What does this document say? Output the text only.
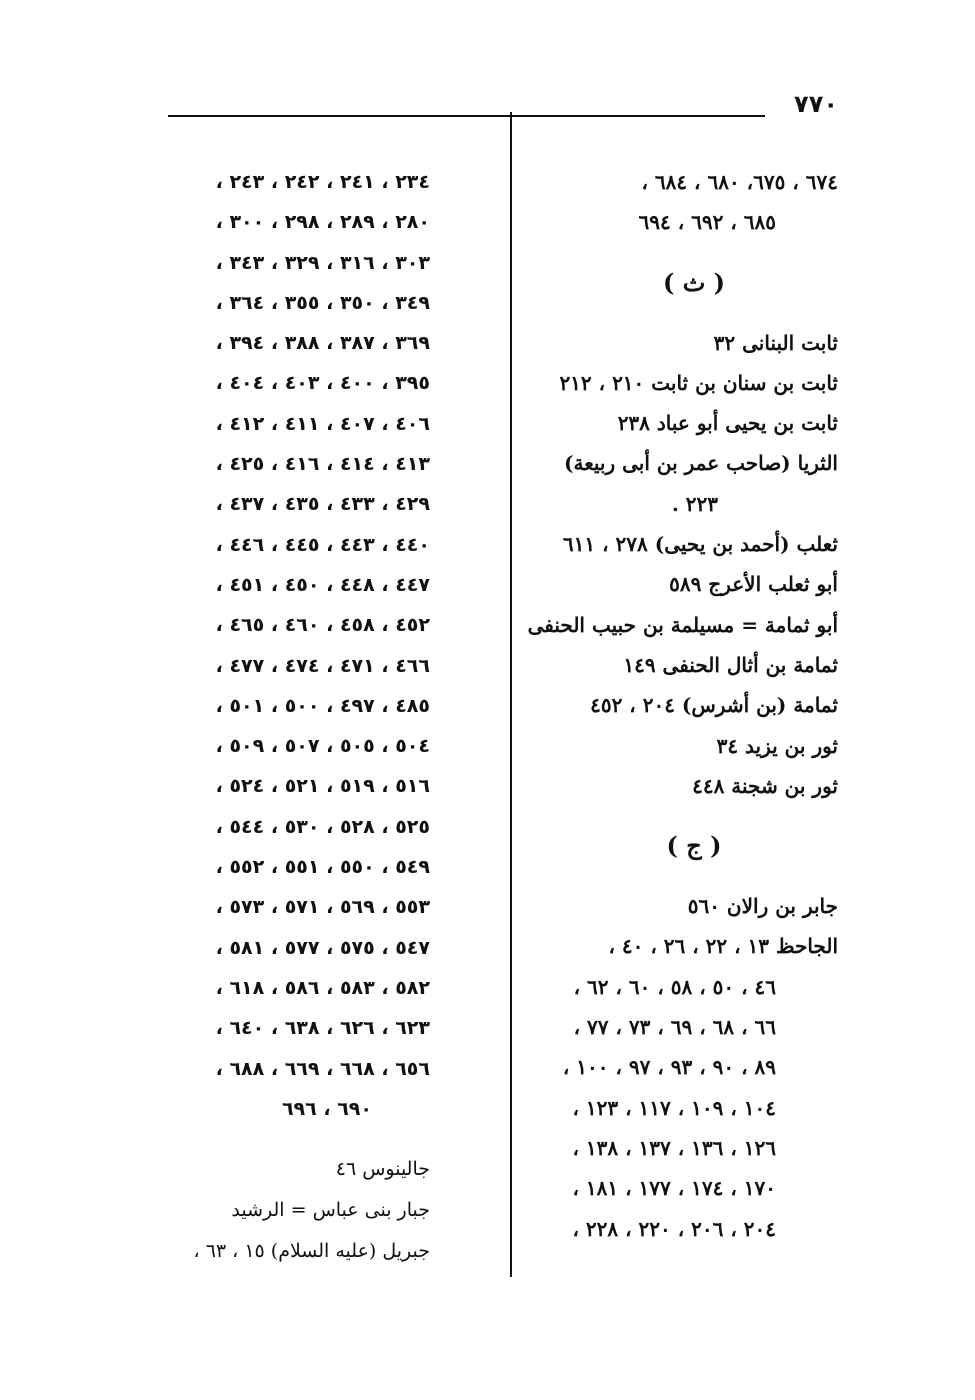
٧٧٠
٦٧٤ ، ٦٧٥، ٦٨٠ ، ٦٨٤ ،
٦٨٥ ، ٦٩٢ ، ٦٩٤
( ث )
ثابت البنانى ٣٢
ثابت بن سنان بن ثابت ٢١٠ ، ٢١٢
ثابت بن يحيى أبو عباد ٢٣٨
الثريا (صاحب عمر بن أبى ربيعة)
٢٢٣ .
ثعلب (أحمد بن يحيى) ٢٧٨ ، ٦١١
أبو ثعلب الأعرج ٥٨٩
أبو ثمامة = مسيلمة بن حبيب الحنفى
ثمامة بن أثال الحنفى ١٤٩
ثمامة (بن أشرس) ٢٠٤ ، ٤٥٢
ثور بن يزيد ٣٤
ثور بن شجنة ٤٤٨
( ج )
جابر بن رالان ٥٦٠
الجاحظ ١٣ ، ٢٢ ، ٢٦ ، ٤٠ ،
٤٦ ، ٥٠ ، ٥٨ ، ٦٠ ، ٦٢ ،
٦٦ ، ٦٨ ، ٦٩ ، ٧٣ ، ٧٧ ،
٨٩ ، ٩٠ ، ٩٣ ، ٩٧ ، ١٠٠ ،
١٠٤ ، ١٠٩ ، ١١٧ ، ١٢٣ ،
١٢٦ ، ١٣٦ ، ١٣٧ ، ١٣٨ ،
١٧٠ ، ١٧٤ ، ١٧٧ ، ١٨١ ،
٢٠٤ ، ٢٠٦ ، ٢٢٠ ، ٢٢٨ ،
٢٣٤ ، ٢٤١ ، ٢٤٢ ، ٢٤٣ ،
٢٨٠ ، ٢٨٩ ، ٢٩٨ ، ٣٠٠ ،
٣٠٣ ، ٣١٦ ، ٣٢٩ ، ٣٤٣ ،
٣٤٩ ، ٣٥٠ ، ٣٥٥ ، ٣٦٤ ،
٣٦٩ ، ٣٨٧ ، ٣٨٨ ، ٣٩٤ ،
٣٩٥ ، ٤٠٠ ، ٤٠٣ ، ٤٠٤ ،
٤٠٦ ، ٤٠٧ ، ٤١١ ، ٤١٢ ،
٤١٣ ، ٤١٤ ، ٤١٦ ، ٤٢٥ ،
٤٢٩ ، ٤٣٣ ، ٤٣٥ ، ٤٣٧ ،
٤٤٠ ، ٤٤٣ ، ٤٤٥ ، ٤٤٦ ،
٤٤٧ ، ٤٤٨ ، ٤٥٠ ، ٤٥١ ،
٤٥٢ ، ٤٥٨ ، ٤٦٠ ، ٤٦٥ ،
٤٦٦ ، ٤٧١ ، ٤٧٤ ، ٤٧٧ ،
٤٨٥ ، ٤٩٧ ، ٥٠٠ ، ٥٠١ ،
٥٠٤ ، ٥٠٥ ، ٥٠٧ ، ٥٠٩ ،
٥١٦ ، ٥١٩ ، ٥٢١ ، ٥٢٤ ،
٥٢٥ ، ٥٢٨ ، ٥٣٠ ، ٥٤٤ ،
٥٤٩ ، ٥٥٠ ، ٥٥١ ، ٥٥٢ ،
٥٥٣ ، ٥٦٩ ، ٥٧١ ، ٥٧٣ ،
٥٤٧ ، ٥٧٥ ، ٥٧٧ ، ٥٨١ ،
٥٨٢ ، ٥٨٣ ، ٥٨٦ ، ٦١٨ ،
٦٢٣ ، ٦٢٦ ، ٦٣٨ ، ٦٤٠ ،
٦٥٦ ، ٦٦٨ ، ٦٦٩ ، ٦٨٨ ،
٦٩٠ ، ٦٩٦
جالينوس ٤٦
جبار بنى عباس = الرشيد
جبريل (عليه السلام) ١٥ ، ٦٣ ،
